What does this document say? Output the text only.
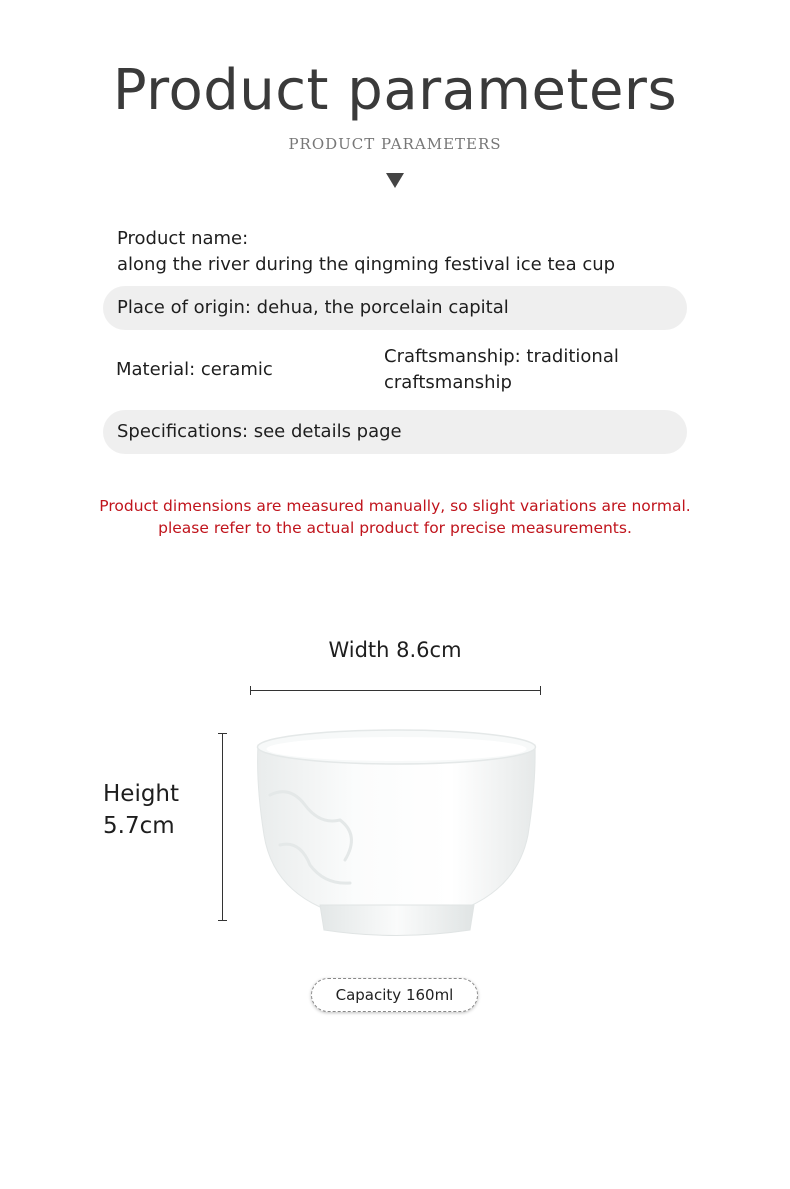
Product parameters
PRODUCT PARAMETERS
Product name:
along the river during the qingming festival ice tea cup
Place of origin: dehua, the porcelain capital
Material: ceramic
Craftsmanship: traditional
craftsmanship
Specifications: see details page
Product dimensions are measured manually, so slight variations are normal.
please refer to the actual product for precise measurements.
Width 8.6cm
Height
5.7cm
Capacity 160ml
